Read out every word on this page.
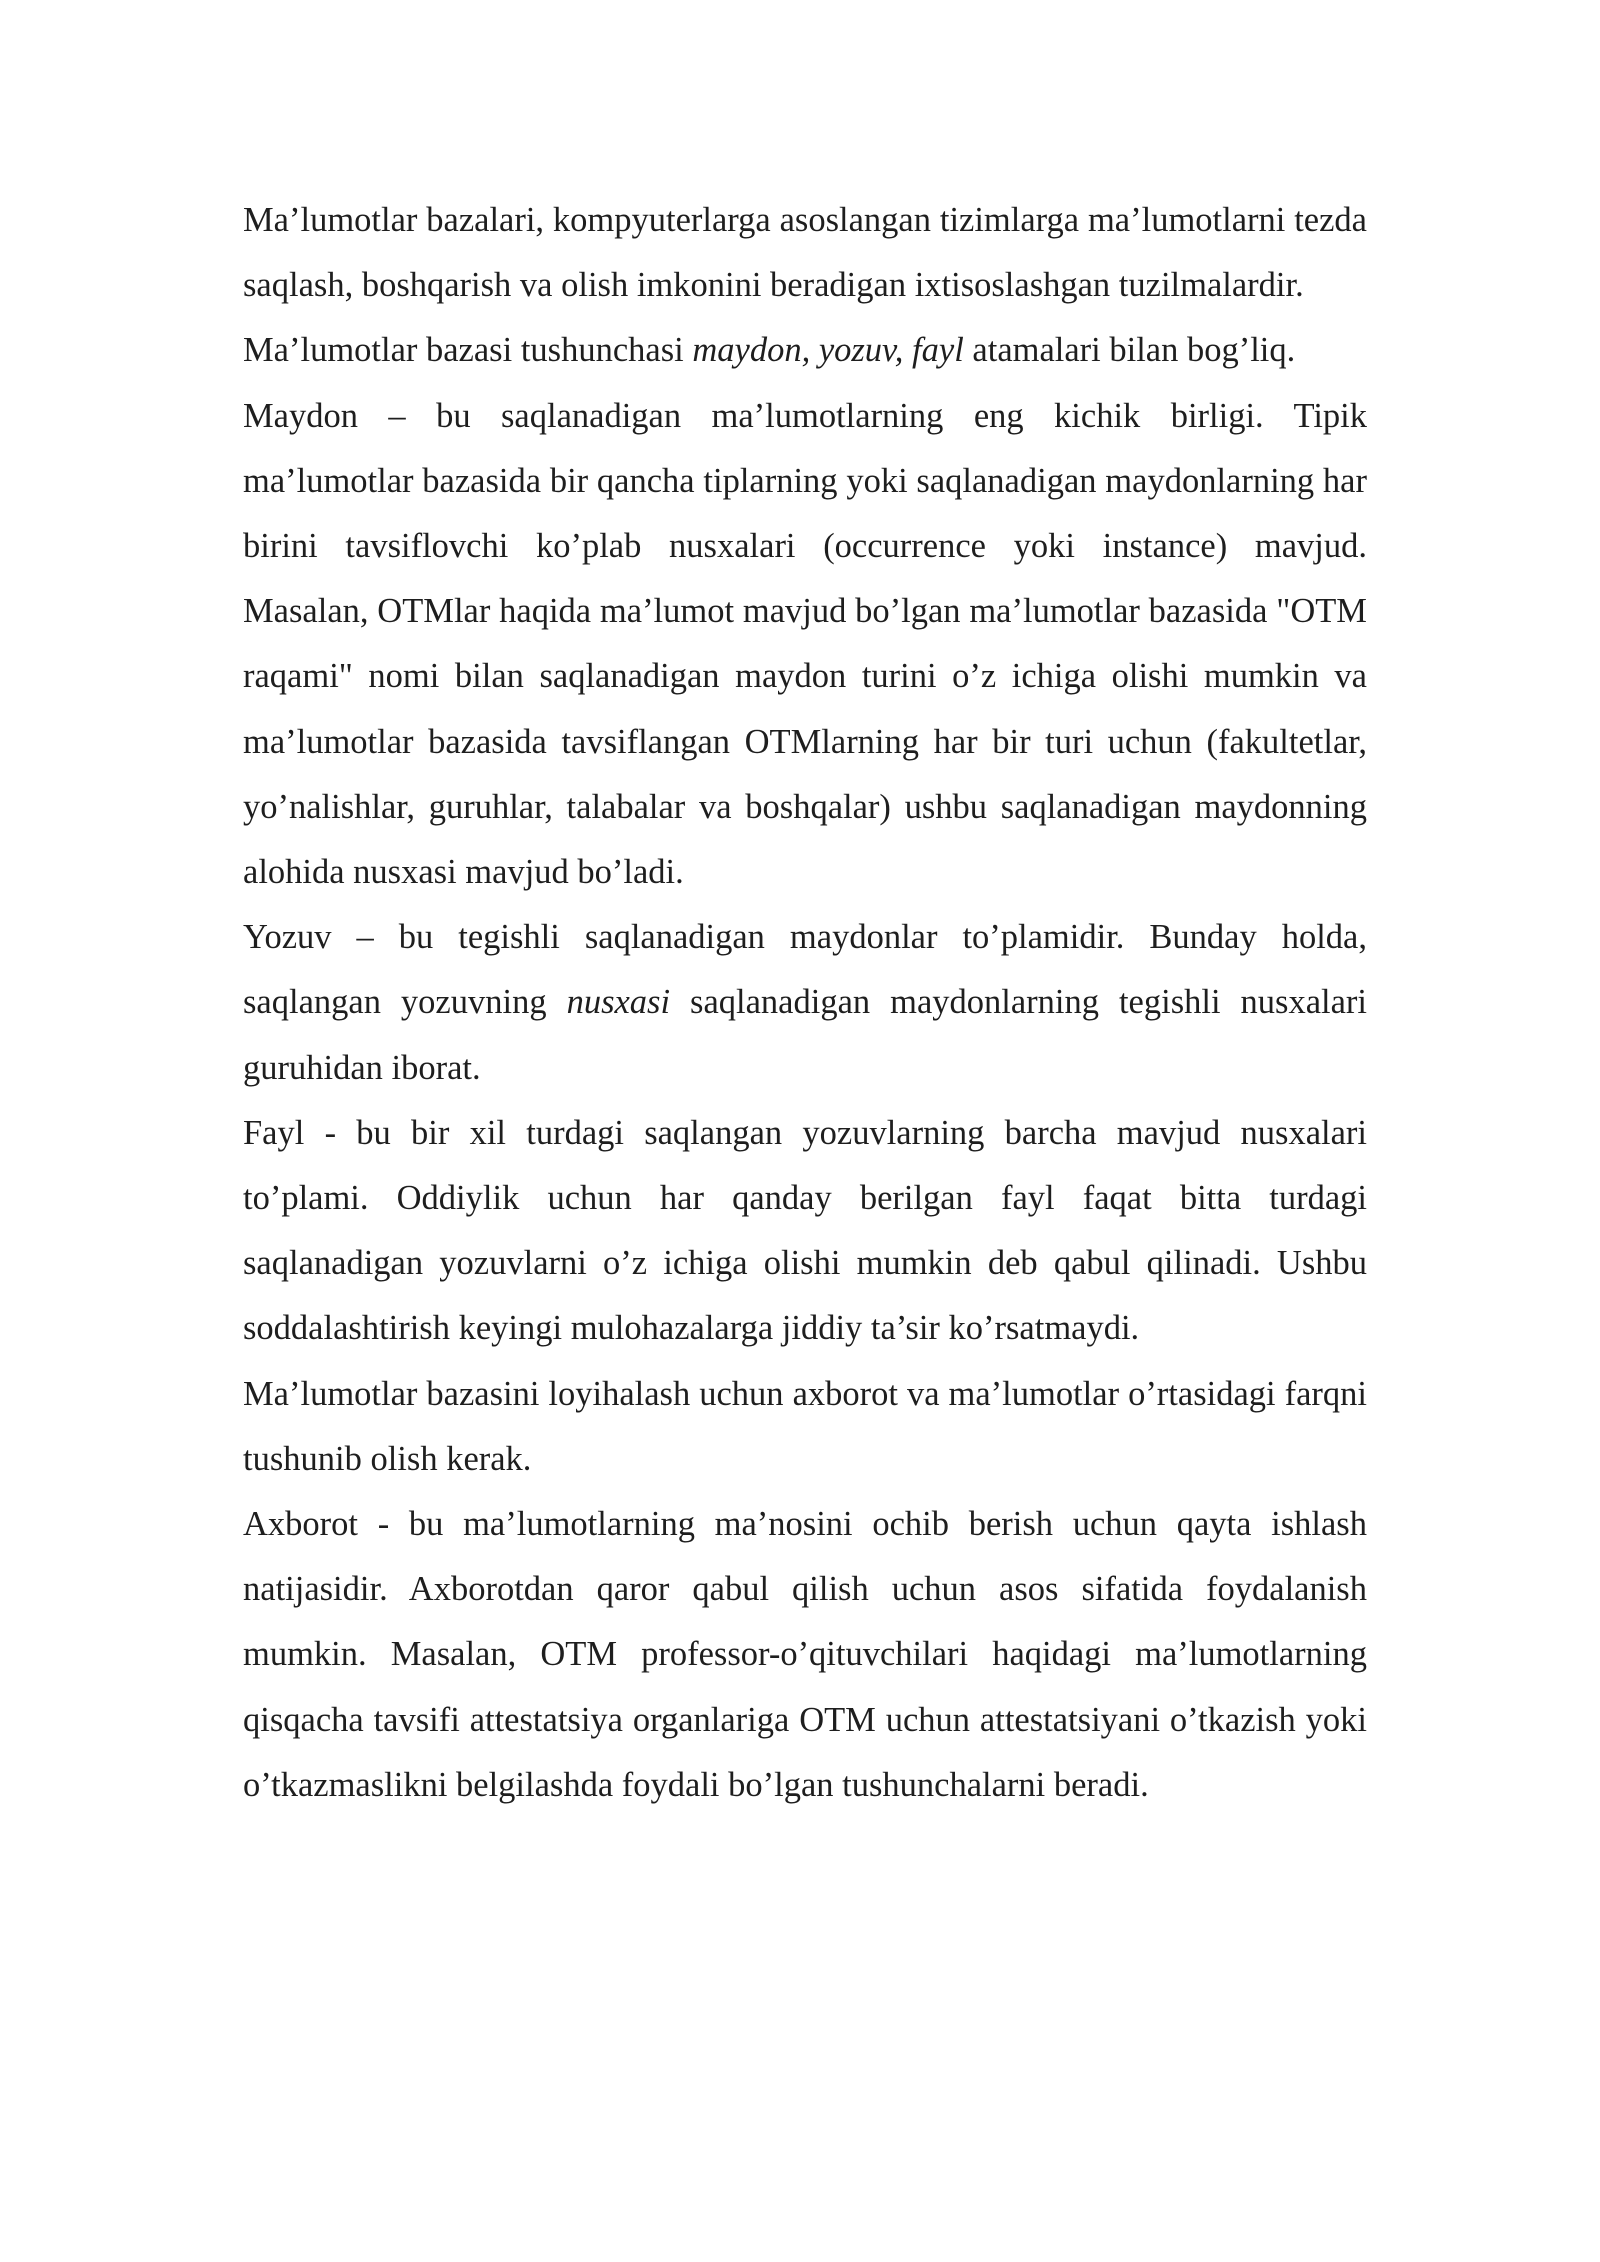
Ma’lumotlar bazalari, kompyuterlarga asoslangan tizimlarga ma’lumotlarni tezda saqlash, boshqarish va olish imkonini beradigan ixtisoslashgan tuzilmalardir.

Ma’lumotlar bazasi tushunchasi maydon, yozuv, fayl atamalari bilan bog’liq.

Maydon – bu saqlanadigan ma’lumotlarning eng kichik birligi. Tipik ma’lumotlar bazasida bir qancha tiplarning yoki saqlanadigan maydonlarning har birini tavsiflovchi ko’plab nusxalari (occurrence yoki instance) mavjud. Masalan, OTMlar haqida ma’lumot mavjud bo’lgan ma’lumotlar bazasida "OTM raqami" nomi bilan saqlanadigan maydon turini o’z ichiga olishi mumkin va ma’lumotlar bazasida tavsiflangan OTMlarning har bir turi uchun (fakultetlar, yo’nalishlar, guruhlar, talabalar va boshqalar) ushbu saqlanadigan maydonning alohida nusxasi mavjud bo’ladi.

Yozuv – bu tegishli saqlanadigan maydonlar to’plamidir. Bunday holda, saqlangan yozuvning nusxasi saqlanadigan maydonlarning tegishli nusxalari guruhidan iborat.

Fayl - bu bir xil turdagi saqlangan yozuvlarning barcha mavjud nusxalari to’plami. Oddiylik uchun har qanday berilgan fayl faqat bitta turdagi saqlanadigan yozuvlarni o’z ichiga olishi mumkin deb qabul qilinadi. Ushbu soddalashtirish keyingi mulohazalarga jiddiy ta’sir ko’rsatmaydi.

Ma’lumotlar bazasini loyihalash uchun axborot va ma’lumotlar o’rtasidagi farqni tushunib olish kerak.

Axborot - bu ma’lumotlarning ma’nosini ochib berish uchun qayta ishlash natijasidir. Axborotdan qaror qabul qilish uchun asos sifatida foydalanish mumkin. Masalan, OTM professor-o’qituvchilari haqidagi ma’lumotlarning qisqacha tavsifi attestatsiya organlariga OTM uchun attestatsiyani o’tkazish yoki o’tkazmaslikni belgilashda foydali bo’lgan tushunchalarni beradi.
